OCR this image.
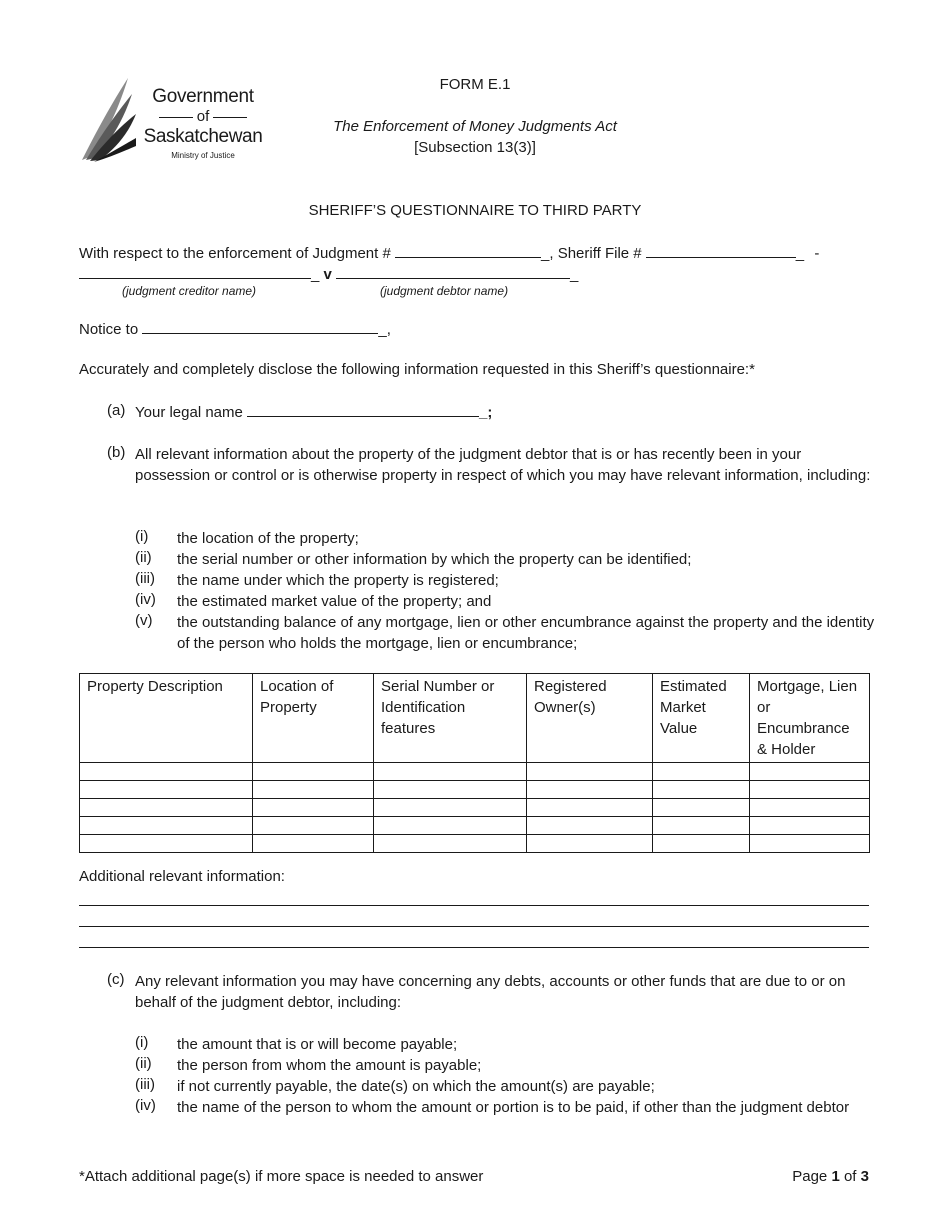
Government
of
Saskatchewan
Ministry of Justice
FORM E.1
The Enforcement of Money Judgments Act
[Subsection 13(3)]
SHERIFF’S QUESTIONNAIRE TO THIRD PARTY
With respect to the enforcement of Judgment #	_, Sheriff File #	_ -
_ v	_
(judgment creditor name)	(judgment debtor name)
Notice to	_,
Accurately and completely disclose the following information requested in this Sheriff’s questionnaire:*
(a) Your legal name	_;
(b) All relevant information about the property of the judgment debtor that is or has recently been in your possession or control or is otherwise property in respect of which you may have relevant information, including:
(i) the location of the property;
(ii) the serial number or other information by which the property can be identified;
(iii) the name under which the property is registered;
(iv) the estimated market value of the property; and
(v) the outstanding balance of any mortgage, lien or other encumbrance against the property and the identity of the person who holds the mortgage, lien or encumbrance;
Property Description	Location of Property	Serial Number or Identification features	Registered Owner(s)	Estimated Market Value	Mortgage, Lien or Encumbrance & Holder

Additional relevant information:
(c) Any relevant information you may have concerning any debts, accounts or other funds that are due to or on behalf of the judgment debtor, including:
(i) the amount that is or will become payable;
(ii) the person from whom the amount is payable;
(iii) if not currently payable, the date(s) on which the amount(s) are payable;
(iv) the name of the person to whom the amount or portion is to be paid, if other than the judgment debtor
*Attach additional page(s) if more space is needed to answer	Page 1 of 3
